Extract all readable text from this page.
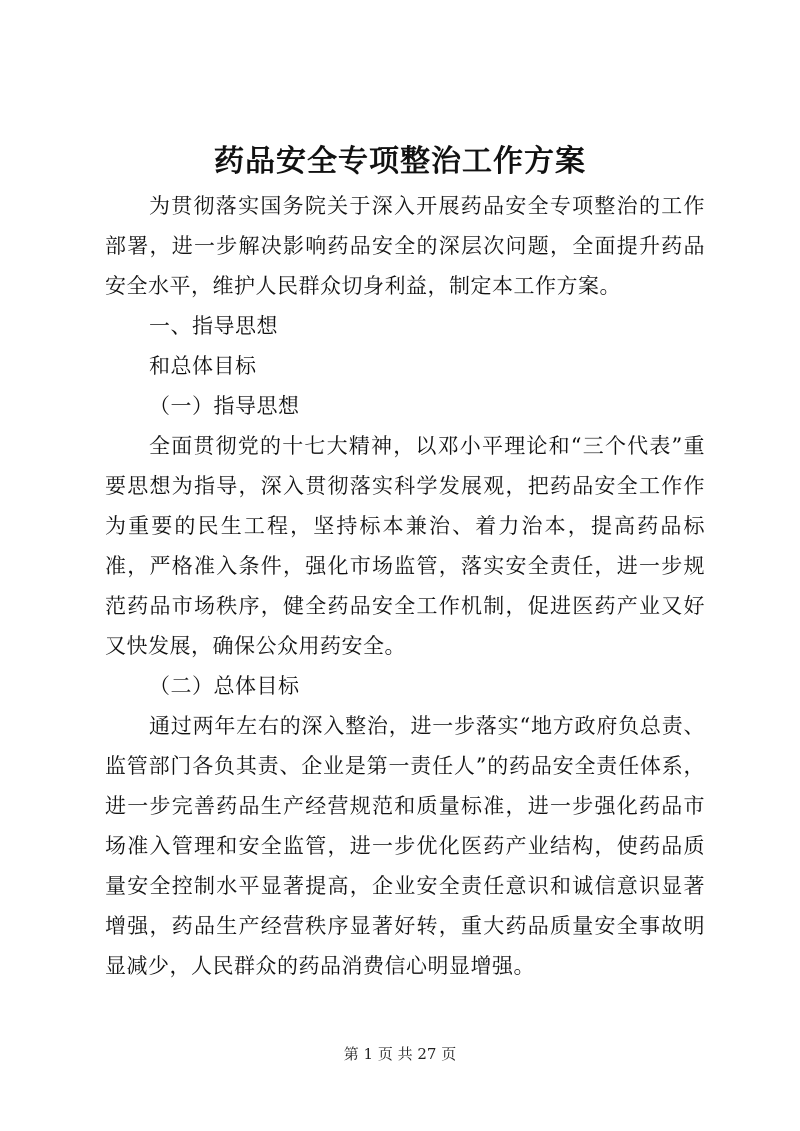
药品安全专项整治工作方案

为贯彻落实国务院关于深入开展药品安全专项整治的工作部署，进一步解决影响药品安全的深层次问题，全面提升药品安全水平，维护人民群众切身利益，制定本工作方案。

一、指导思想

和总体目标

（一）指导思想

全面贯彻党的十七大精神，以邓小平理论和“三个代表”重要思想为指导，深入贯彻落实科学发展观，把药品安全工作作为重要的民生工程，坚持标本兼治、着力治本，提高药品标准，严格准入条件，强化市场监管，落实安全责任，进一步规范药品市场秩序，健全药品安全工作机制，促进医药产业又好又快发展，确保公众用药安全。

（二）总体目标

通过两年左右的深入整治，进一步落实“地方政府负总责、监管部门各负其责、企业是第一责任人”的药品安全责任体系，进一步完善药品生产经营规范和质量标准，进一步强化药品市场准入管理和安全监管，进一步优化医药产业结构，使药品质量安全控制水平显著提高，企业安全责任意识和诚信意识显著增强，药品生产经营秩序显著好转，重大药品质量安全事故明显减少，人民群众的药品消费信心明显增强。

第 1 页 共 27 页
